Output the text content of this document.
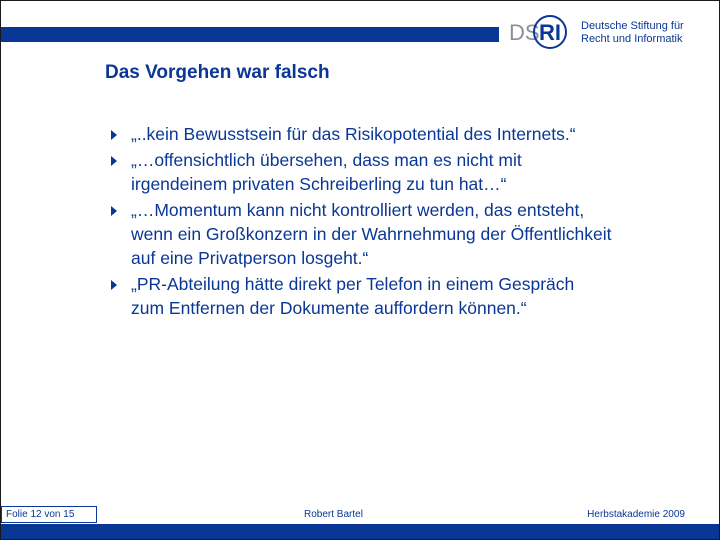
DS RI Deutsche Stiftung für
Recht und Informatik
Das Vorgehen war falsch
„..kein Bewusstsein für das Risikopotential des Internets.“
„…offensichtlich übersehen, dass man es nicht mit
irgendeinem privaten Schreiberling zu tun hat…“
„…Momentum kann nicht kontrolliert werden, das entsteht,
wenn ein Großkonzern in der Wahrnehmung der Öffentlichkeit
auf eine Privatperson losgeht.“
„PR-Abteilung hätte direkt per Telefon in einem Gespräch
zum Entfernen der Dokumente auffordern können.“
Folie 12 von 15	Robert Bartel	Herbstakademie 2009
